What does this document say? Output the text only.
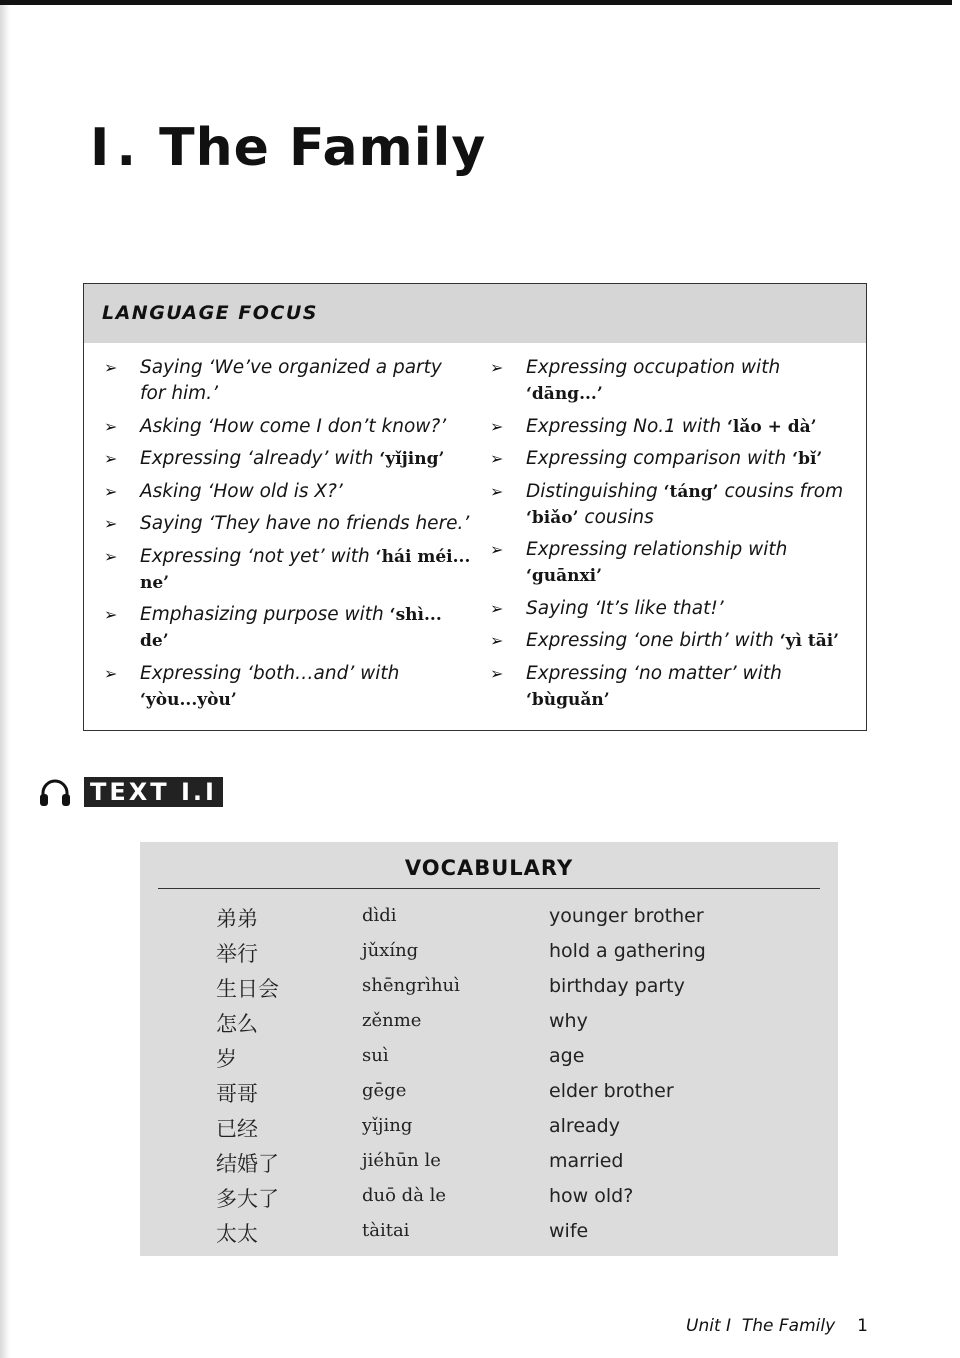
I . The Family
LANGUAGE FOCUS
➢ Saying ‘We’ve organized a party
for him.’
➢ Asking ‘How come I don’t know?’
➢ Expressing ‘already’ with ‘yǐjing’
➢ Asking ‘How old is X?’
➢ Saying ‘They have no friends here.’
➢ Expressing ‘not yet’ with ‘hái méi...
ne’
➢ Emphasizing purpose with ‘shì...
de’
➢ Expressing ‘both…and’ with
‘yòu...yòu’
➢ Expressing occupation with
‘dāng...’
➢ Expressing No.1 with ‘lǎo + dà’
➢ Expressing comparison with ‘bǐ’
➢ Distinguishing ‘táng’ cousins from
‘biǎo’ cousins
➢ Expressing relationship with
‘guānxi’
➢ Saying ‘It’s like that!’
➢ Expressing ‘one birth’ with ‘yì tāi’
➢ Expressing ‘no matter’ with
‘bùguǎn’
TEXT I.I
VOCABULARY
弟弟	dìdi	younger brother
举行	jǔxíng	hold a gathering
生日会	shēngrìhuì	birthday party
怎么	zěnme	why
岁	suì	age
哥哥	gēge	elder brother
已经	yǐjing	already
结婚了	jiéhūn le	married
多大了	duō dà le	how old?
太太	tàitai	wife
Unit I The Family 1
